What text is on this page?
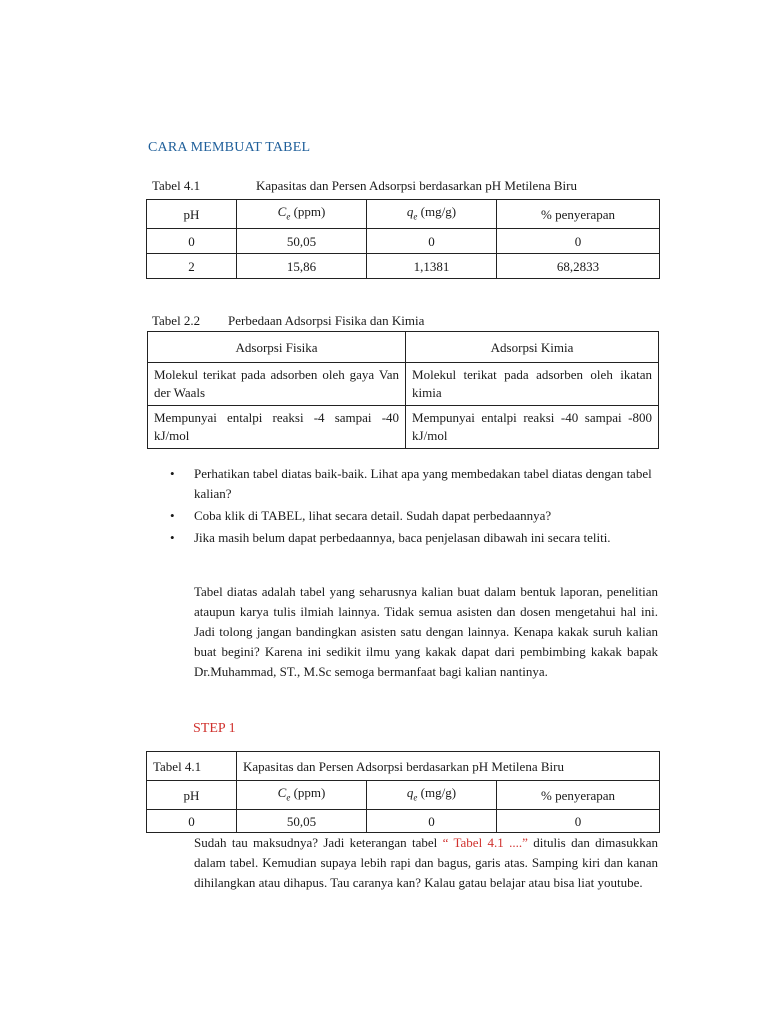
CARA MEMBUAT TABEL
Tabel 4.1	Kapasitas dan Persen Adsorpsi berdasarkan pH Metilena Biru
pH	$C_e$ (ppm)	$q_e$ (mg/g)	% penyerapan
0	50,05	0	0
2	15,86	1,1381	68,2833
Tabel 2.2 Perbedaan Adsorpsi Fisika dan Kimia
Adsorpsi Fisika	Adsorpsi Kimia
Molekul terikat pada adsorben oleh gaya Van der Waals	Molekul terikat pada adsorben oleh ikatan kimia
Mempunyai entalpi reaksi -4 sampai -40 kJ/mol	Mempunyai entalpi reaksi -40 sampai -800 kJ/mol
• Perhatikan tabel diatas baik-baik. Lihat apa yang membedakan tabel diatas dengan tabel kalian?
• Coba klik di TABEL, lihat secara detail. Sudah dapat perbedaannya?
• Jika masih belum dapat perbedaannya, baca penjelasan dibawah ini secara teliti.
Tabel diatas adalah tabel yang seharusnya kalian buat dalam bentuk laporan, penelitian ataupun karya tulis ilmiah lainnya. Tidak semua asisten dan dosen mengetahui hal ini. Jadi tolong jangan bandingkan asisten satu dengan lainnya. Kenapa kakak suruh kalian buat begini? Karena ini sedikit ilmu yang kakak dapat dari pembimbing kakak bapak Dr.Muhammad, ST., M.Sc semoga bermanfaat bagi kalian nantinya.
STEP 1
Tabel 4.1	Kapasitas dan Persen Adsorpsi berdasarkan pH Metilena Biru		
pH	$C_e$ (ppm)	$q_e$ (mg/g)	% penyerapan
0	50,05	0	0
Sudah tau maksudnya? Jadi keterangan tabel “ Tabel 4.1 ....” ditulis dan dimasukkan dalam tabel. Kemudian supaya lebih rapi dan bagus, garis atas. Samping kiri dan kanan dihilangkan atau dihapus. Tau caranya kan? Kalau gatau belajar atau bisa liat youtube.
